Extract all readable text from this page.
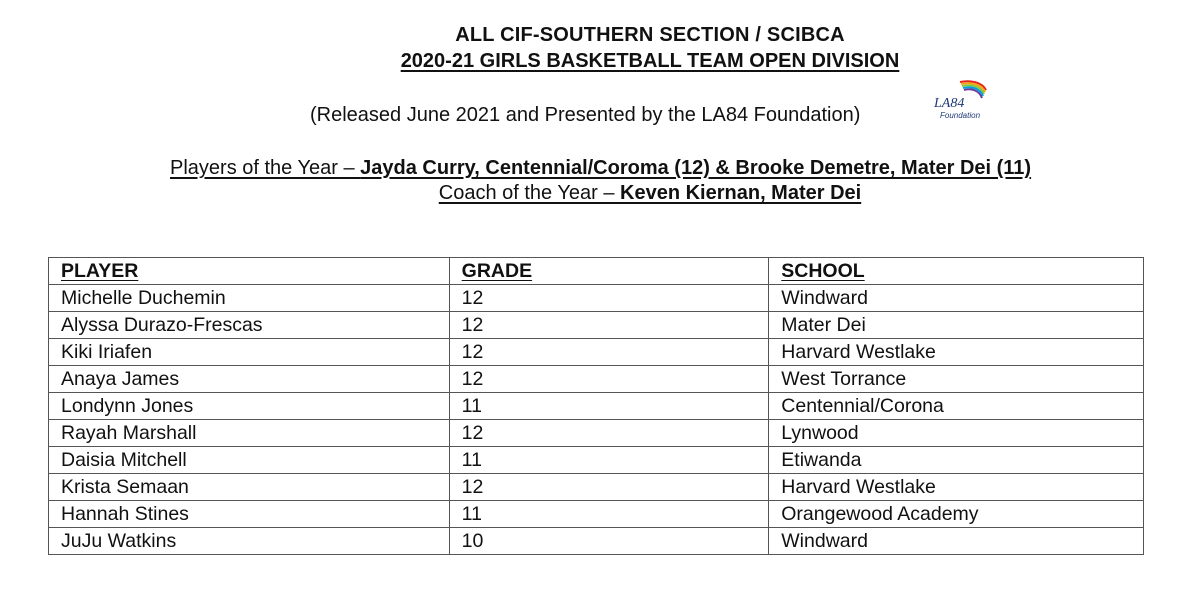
ALL CIF-SOUTHERN SECTION / SCIBCA
2020-21 GIRLS BASKETBALL TEAM OPEN DIVISION
(Released June 2021 and Presented by the LA84 Foundation)
LA84
Foundation
Players of the Year – Jayda Curry, Centennial/Coroma (12) & Brooke Demetre, Mater Dei (11)
Coach of the Year – Keven Kiernan, Mater Dei
PLAYER	GRADE	SCHOOL
Michelle Duchemin	12	Windward
Alyssa Durazo-Frescas	12	Mater Dei
Kiki Iriafen	12	Harvard Westlake
Anaya James	12	West Torrance
Londynn Jones	11	Centennial/Corona
Rayah Marshall	12	Lynwood
Daisia Mitchell	11	Etiwanda
Krista Semaan	12	Harvard Westlake
Hannah Stines	11	Orangewood Academy
JuJu Watkins	10	Windward
